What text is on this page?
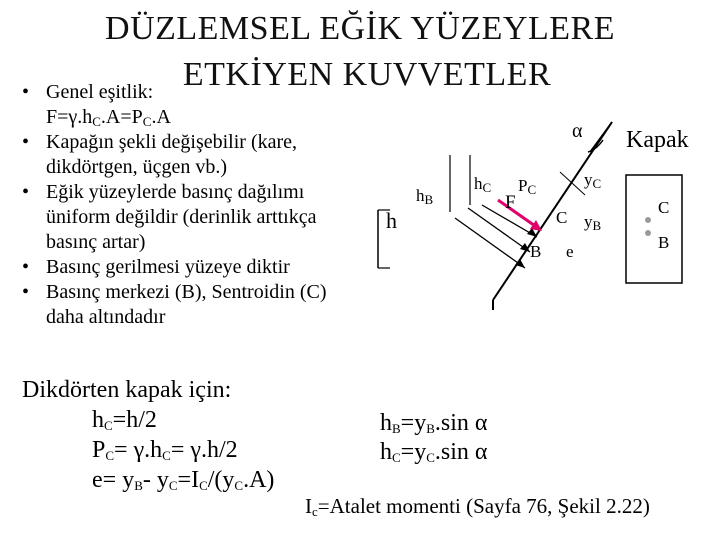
DÜZLEMSEL EĞİK YÜZEYLERE
ETKİYEN KUVVETLER
• Genel eşitlik:
$F=\gamma.h_C.A=P_C.A$
• Kapağın şekli değişebilir (kare, dikdörtgen, üçgen vb.)
• Eğik yüzeylerde basınç dağılımı üniform değildir (derinlik arttıkça basınç artar)
• Basınç gerilmesi yüzeye diktir
• Basınç merkezi (B), Sentroidin (C) daha altındadır
Dikdörten kapak için:
$h_C=h/2$
$P_C= \gamma.h_C= \gamma.h/2$
$e= y_B-$ $y_C=I_C/(y_C.A)$
$h_B=y_B.\sin$ α
$h_C=y_C.\sin$ α
$I_c=Atalet$ momenti (Sayfa 76, Şekil 2.22)
α Kapak
h
$h_B$
$h_C$
F
$P_C$
$y_C$
$y_B$
C
B e
C
B
